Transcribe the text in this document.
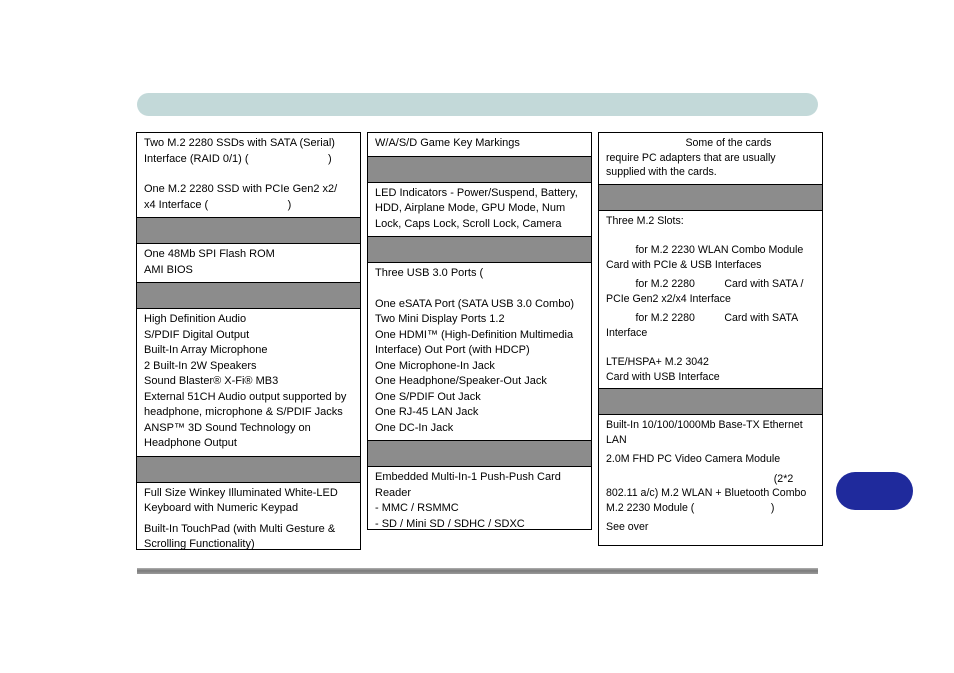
Two M.2 2280 SSDs with SATA (Serial)
Interface (RAID 0/1) (                          )
One M.2 2280 SSD with PCIe Gen2 x2/
x4 Interface (                          )
One 48Mb SPI Flash ROM
AMI BIOS
High Definition Audio
S/PDIF Digital Output
Built-In Array Microphone
2 Built-In 2W Speakers
Sound Blaster® X-Fi® MB3
External 51CH Audio output supported by
headphone, microphone & S/PDIF Jacks
ANSP™ 3D Sound Technology on
Headphone Output
Full Size Winkey Illuminated White-LED
Keyboard with Numeric Keypad
Built-In TouchPad (with Multi Gesture &
Scrolling Functionality)
W/A/S/D Game Key Markings
LED Indicators - Power/Suspend, Battery,
HDD, Airplane Mode, GPU Mode, Num
Lock, Caps Lock, Scroll Lock, Camera
Three USB 3.0 Ports (
One eSATA Port (SATA USB 3.0 Combo)
Two Mini Display Ports 1.2
One HDMI™ (High-Definition Multimedia
Interface) Out Port (with HDCP)
One Microphone-In Jack
One Headphone/Speaker-Out Jack
One S/PDIF Out Jack
One RJ-45 LAN Jack
One DC-In Jack
Embedded Multi-In-1 Push-Push Card
Reader
- MMC / RSMMC
- SD / Mini SD / SDHC / SDXC
Some of the cards
require PC adapters that are usually
supplied with the cards.
Three M.2 Slots:
for M.2 2230 WLAN Combo Module
Card with PCIe & USB Interfaces
for M.2 2280          Card with SATA /
PCIe Gen2 x2/x4 Interface
for M.2 2280          Card with SATA
Interface
LTE/HSPA+ M.2 3042
Card with USB Interface
Built-In 10/100/1000Mb Base-TX Ethernet
LAN
2.0M FHD PC Video Camera Module
(2*2
802.11 a/c) M.2 WLAN + Bluetooth Combo
M.2 2230 Module (                          )
See over
